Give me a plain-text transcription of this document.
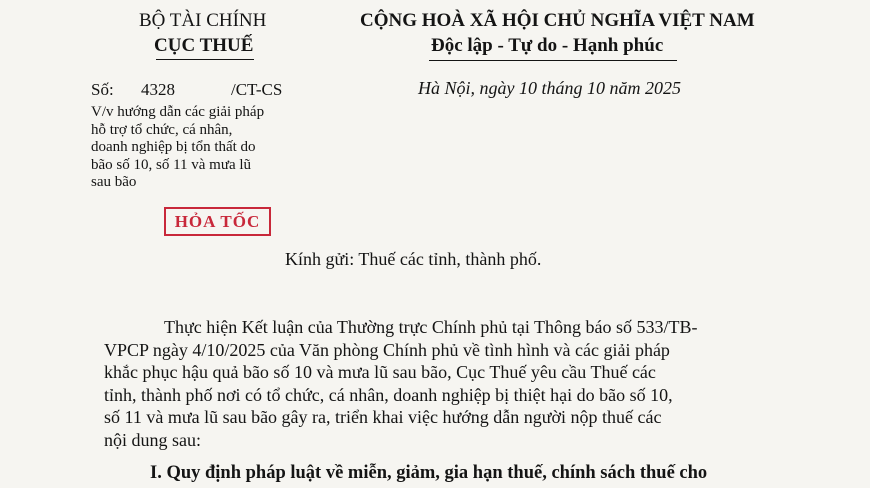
BỘ TÀI CHÍNH
CỤC THUẾ
CỘNG HOÀ XÃ HỘI CHỦ NGHĨA VIỆT NAM
Độc lập - Tự do - Hạnh phúc
Số: 4328	/CT-CS	Hà Nội, ngày 10 tháng 10 năm 2025
V/v hướng dẫn các giải pháp
hỗ trợ tổ chức, cá nhân,
doanh nghiệp bị tổn thất do
bão số 10, số 11 và mưa lũ
sau bão
HỎA TỐC
Kính gửi: Thuế các tỉnh, thành phố.
Thực hiện Kết luận của Thường trực Chính phủ tại Thông báo số 533/TB-
VPCP ngày 4/10/2025 của Văn phòng Chính phủ về tình hình và các giải pháp
khắc phục hậu quả bão số 10 và mưa lũ sau bão, Cục Thuế yêu cầu Thuế các
tỉnh, thành phố nơi có tổ chức, cá nhân, doanh nghiệp bị thiệt hại do bão số 10,
số 11 và mưa lũ sau bão gây ra, triển khai việc hướng dẫn người nộp thuế các
nội dung sau:
I. Quy định pháp luật về miễn, giảm, gia hạn thuế, chính sách thuế cho
